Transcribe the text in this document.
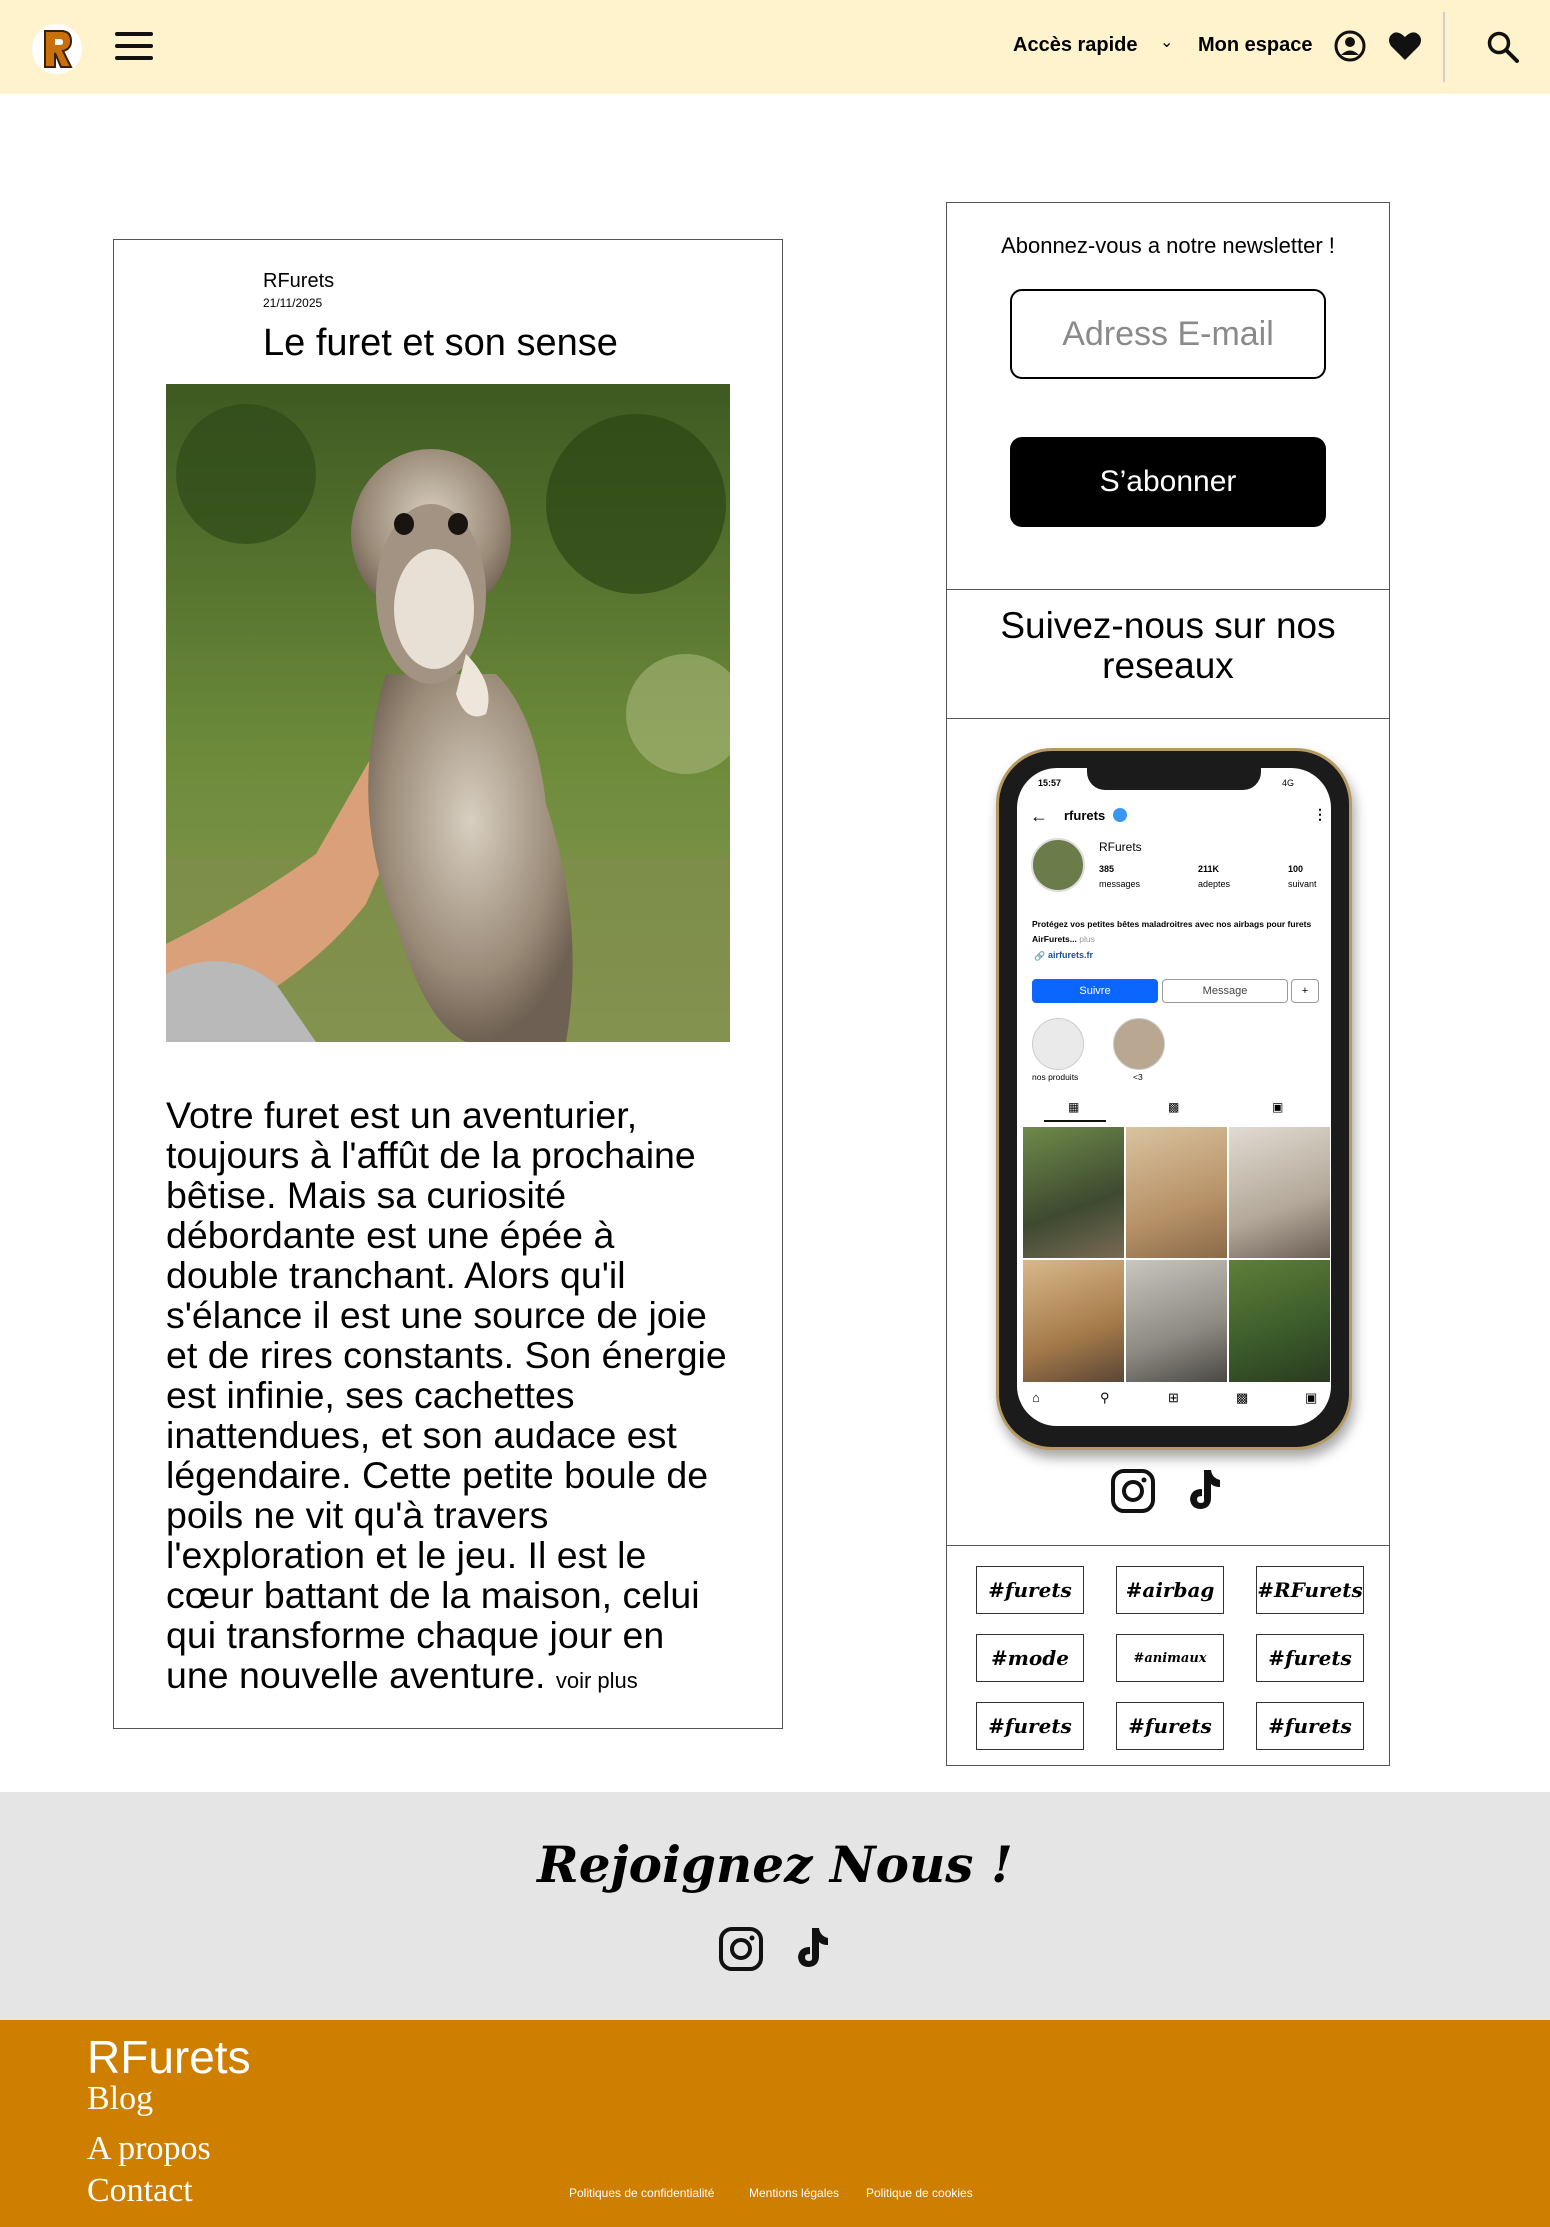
Accès rapide ⌄ Mon espace
RFurets
21/11/2025
Le furet et son sense

Votre furet est un aventurier, toujours à l'affût de la prochaine bêtise. Mais sa curiosité débordante est une épée à double tranchant. Alors qu'il s'élance il est une source de joie et de rires constants. Son énergie est infinie, ses cachettes inattendues, et son audace est légendaire. Cette petite boule de poils ne vit qu'à travers l'exploration et le jeu. Il est le cœur battant de la maison, celui qui transforme chaque jour en une nouvelle aventure. voir plus

Abonnez-vous a notre newsletter !
Adress E-mail
S’abonner
Suivez-nous sur nos reseaux
15:57	4G
← rfurets	⋮
RFurets
385
messages
211K
adeptes
100
suivant
Protégez vos petites bêtes maladroitres avec nos airbags pour furets AirFurets... plus
airfurets.fr
🔗
Suivre	Message	+
nos produits	<3
▦	▩	▣
⌂	⚲	⊞	▩	▣
#furets	#airbag	#RFurets
#mode	#animaux	#furets
#furets	#furets	#furets
Rejoignez Nous !
RFurets
Blog
A propos
Contact	Politiques de confidentialité	Mentions légales Politique de cookies
